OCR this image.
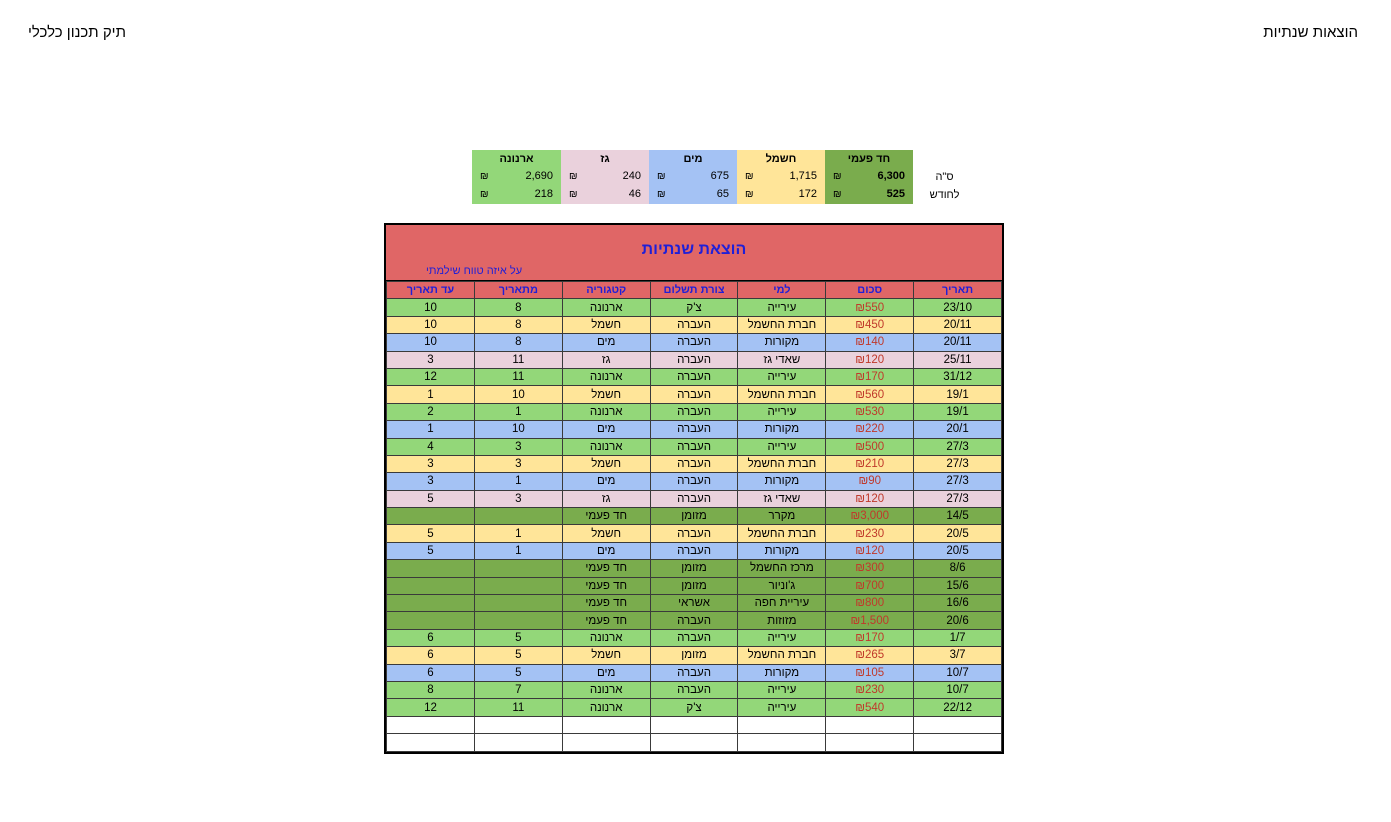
הוצאות שנתיות
תיק תכנון כלכלי
ארנונה	גז	מים	חשמל	חד פעמי	

₪ 2,690	₪ 240	₪ 675	₪ 1,715	₪ 6,300	ס"ה

₪ 218	₪ 46	₪ 65	₪ 172	₪ 525	לחודש
הוצאת שנתיות
על איזה טווח שילמתי
תאריך	סכום	למי	צורת תשלום	קטגוריה	מתאריך	עד תאריך
23/10	₪550	עירייה	צ'ק	ארנונה	8	10
20/11	₪450	חברת החשמל	העברה	חשמל	8	10
20/11	₪140	מקורות	העברה	מים	8	10
25/11	₪120	שאדי גז	העברה	גז	11	3
31/12	₪170	עירייה	העברה	ארנונה	11	12
19/1	₪560	חברת החשמל	העברה	חשמל	10	1
19/1	₪530	עירייה	העברה	ארנונה	1	2
20/1	₪220	מקורות	העברה	מים	10	1
27/3	₪500	עירייה	העברה	ארנונה	3	4
27/3	₪210	חברת החשמל	העברה	חשמל	3	3
27/3	₪90	מקורות	העברה	מים	1	3
27/3	₪120	שאדי גז	העברה	גז	3	5
14/5	₪3,000	מקרר	מזומן	חד פעמי		
20/5	₪230	חברת החשמל	העברה	חשמל	1	5
20/5	₪120	מקורות	העברה	מים	1	5
8/6	₪300	מרכז החשמל	מזומן	חד פעמי		
15/6	₪700	ג'וניור	מזומן	חד פעמי		
16/6	₪800	עיריית חפה	אשראי	חד פעמי		
20/6	₪1,500	מזוזות	העברה	חד פעמי		
1/7	₪170	עירייה	העברה	ארנונה	5	6
3/7	₪265	חברת החשמל	מזומן	חשמל	5	6
10/7	₪105	מקורות	העברה	מים	5	6
10/7	₪230	עירייה	העברה	ארנונה	7	8
22/12	₪540	עירייה	צ'ק	ארנונה	11	12
